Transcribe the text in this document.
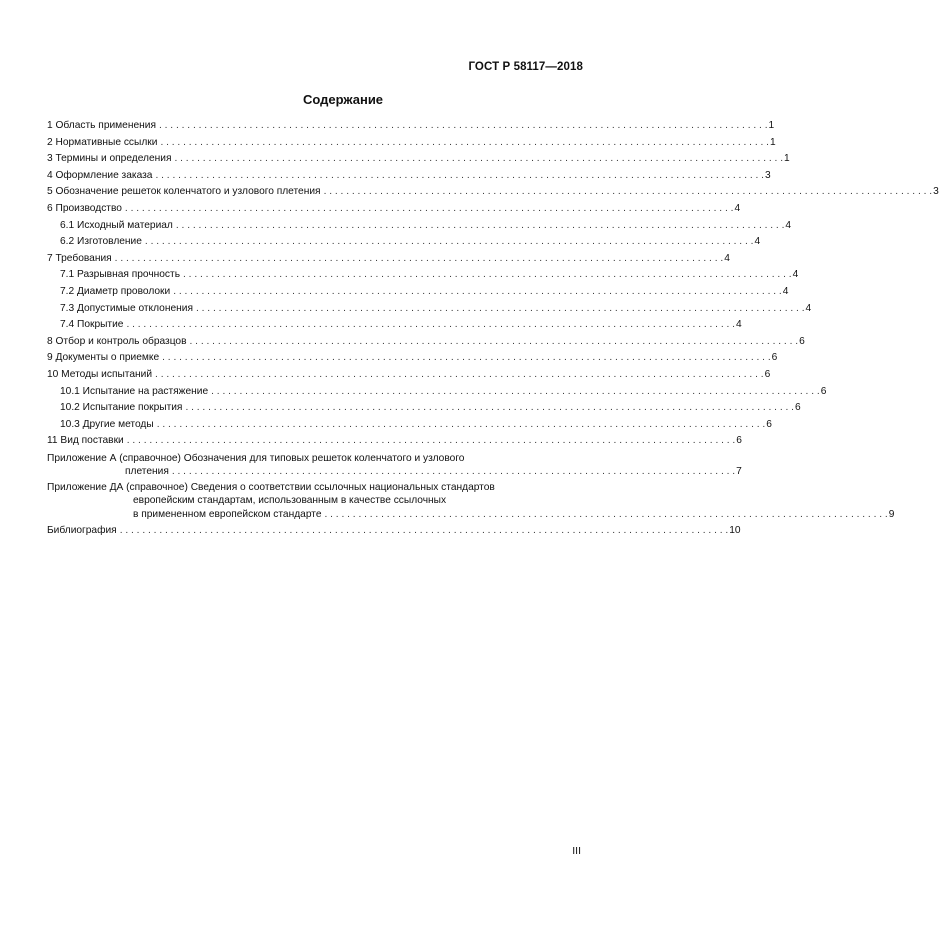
ГОСТ Р 58117—2018
Содержание
1 Область применения . . .	1
2 Нормативные ссылки . . .	1
3 Термины и определения . . .	1
4 Оформление заказа . . .	3
5 Обозначение решеток коленчатого и узлового плетения . . .	3
6 Производство . . .	4
6.1 Исходный материал . . .	4
6.2 Изготовление . . .	4
7 Требования . . .	4
7.1 Разрывная прочность . . .	4
7.2 Диаметр проволоки . . .	4
7.3 Допустимые отклонения . . .	4
7.4 Покрытие . . .	4
8 Отбор и контроль образцов . . .	6
9 Документы о приемке . . .	6
10 Методы испытаний . . .	6
10.1 Испытание на растяжение . . .	6
10.2 Испытание покрытия . . .	6
10.3 Другие методы . . .	6
11 Вид поставки . . .	6
Приложение А (справочное) Обозначения для типовых решеток коленчатого и узлового
плетения . . .	7
Приложение ДА (справочное) Сведения о соответствии ссылочных национальных стандартов
европейским стандартам, использованным в качестве ссылочных
в примененном европейском стандарте . . .	9
Библиография . . .	10
III
